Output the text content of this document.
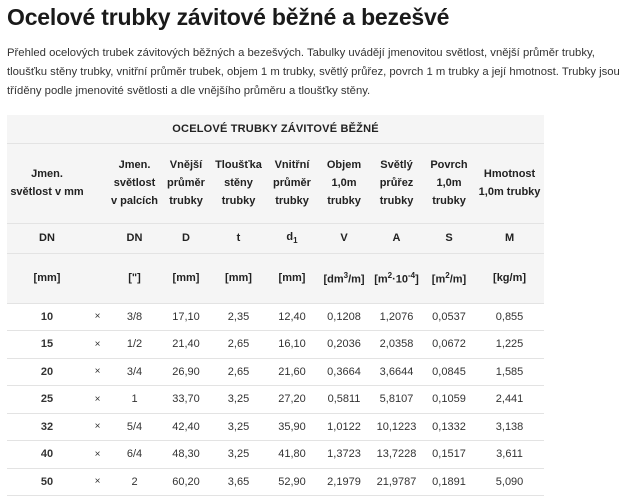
Ocelové trubky závitové běžné a bezešvé

Přehled ocelových trubek závitových běžných a bezešvých. Tabulky uvádějí jmenovitou světlost, vnější průměr trubky, tloušťku stěny trubky, vnitřní průměr trubek, objem 1 m trubky, světlý průřez, povrch 1 m trubky a její hmotnost. Trubky jsou tříděny podle jmenovité světlosti a dle vnějšího průměru a tloušťky stěny.

OCELOVÉ TRUBKY ZÁVITOVÉ BĚŽNÉ									
Jmen. světlost v mm		Jmen. světlost v palcích	Vnější průměr trubky	Tloušťka stěny trubky	Vnitřní průměr trubky	Objem 1,0m trubky	Světlý průřez trubky	Povrch 1,0m trubky	Hmotnost 1,0m trubky
DN		DN	D	t	$d_1$	V	A	S	M
[mm]		["]	[mm]	[mm]	[mm]	$[dm^3/m]$	$[m^2\cdot 10^{-4}]$	$[m^2/m]$	[kg/m]
10	×	3/8	17,10	2,35	12,40	0,1208	1,2076	0,0537	0,855
15	×	1/2	21,40	2,65	16,10	0,2036	2,0358	0,0672	1,225
20	×	3/4	26,90	2,65	21,60	0,3664	3,6644	0,0845	1,585
25	×	1	33,70	3,25	27,20	0,5811	5,8107	0,1059	2,441
32	×	5/4	42,40	3,25	35,90	1,0122	10,1223	0,1332	3,138
40	×	6/4	48,30	3,25	41,80	1,3723	13,7228	0,1517	3,611
50	×	2	60,20	3,65	52,90	2,1979	21,9787	0,1891	5,090
